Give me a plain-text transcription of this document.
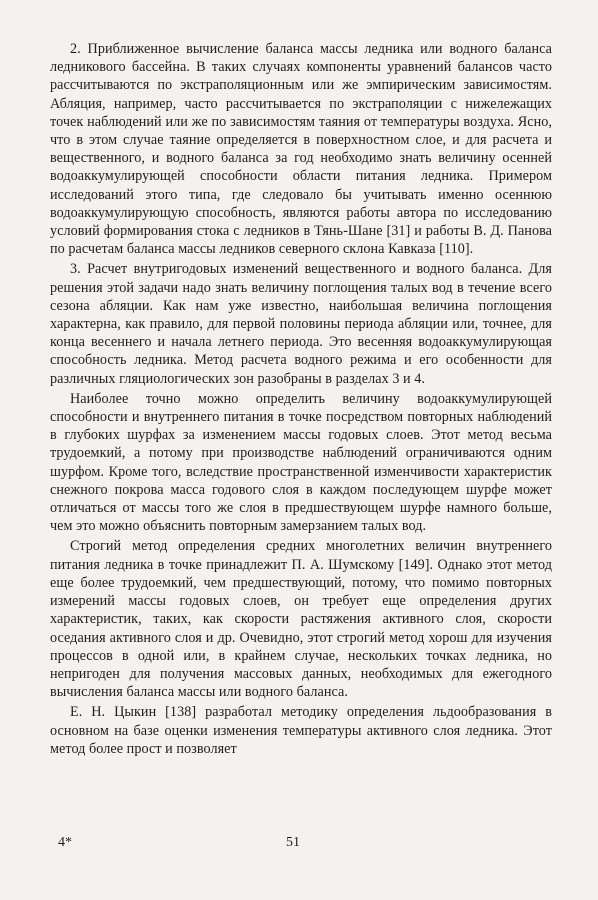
2. Приближенное вычисление баланса массы ледника или водного баланса ледникового бассейна. В таких случаях компоненты уравнений балансов часто рассчитываются по экстраполяционным или же эмпирическим зависимостям. Абляция, например, часто рассчитывается по экстраполяции с нижележащих точек наблюдений или же по зависимостям таяния от температуры воздуха. Ясно, что в этом случае таяние определяется в поверхностном слое, и для расчета и вещественного, и водного баланса за год необходимо знать величину осенней водоаккумулирующей способности области питания ледника. Примером исследований этого типа, где следовало бы учитывать именно осеннюю водоаккумулирующую способность, являются работы автора по исследованию условий формирования стока с ледников в Тянь-Шане [31] и работы В. Д. Панова по расчетам баланса массы ледников северного склона Кавказа [110].

3. Расчет внутригодовых изменений вещественного и водного баланса. Для решения этой задачи надо знать величину поглощения талых вод в течение всего сезона абляции. Как нам уже известно, наибольшая величина поглощения характерна, как правило, для первой половины периода абляции или, точнее, для конца весеннего и начала летнего периода. Это весенняя водоаккумулирующая способность ледника. Метод расчета водного режима и его особенности для различных гляциологических зон разобраны в разделах 3 и 4.

Наиболее точно можно определить величину водоаккумулирующей способности и внутреннего питания в точке посредством повторных наблюдений в глубоких шурфах за изменением массы годовых слоев. Этот метод весьма трудоемкий, а потому при производстве наблюдений ограничиваются одним шурфом. Кроме того, вследствие пространственной изменчивости характеристик снежного покрова масса годового слоя в каждом последующем шурфе может отличаться от массы того же слоя в предшествующем шурфе намного больше, чем это можно объяснить повторным замерзанием талых вод.

Строгий метод определения средних многолетних величин внутреннего питания ледника в точке принадлежит П. А. Шумскому [149]. Однако этот метод еще более трудоемкий, чем предшествующий, потому, что помимо повторных измерений массы годовых слоев, он требует еще определения других характеристик, таких, как скорости растяжения активного слоя, скорости оседания активного слоя и др. Очевидно, этот строгий метод хорош для изучения процессов в одной или, в крайнем случае, нескольких точках ледника, но непригоден для получения массовых данных, необходимых для ежегодного вычисления баланса массы или водного баланса.

Е. Н. Цыкин [138] разработал методику определения льдообразования в основном на базе оценки изменения температуры активного слоя ледника. Этот метод более прост и позволяет

4*	51
